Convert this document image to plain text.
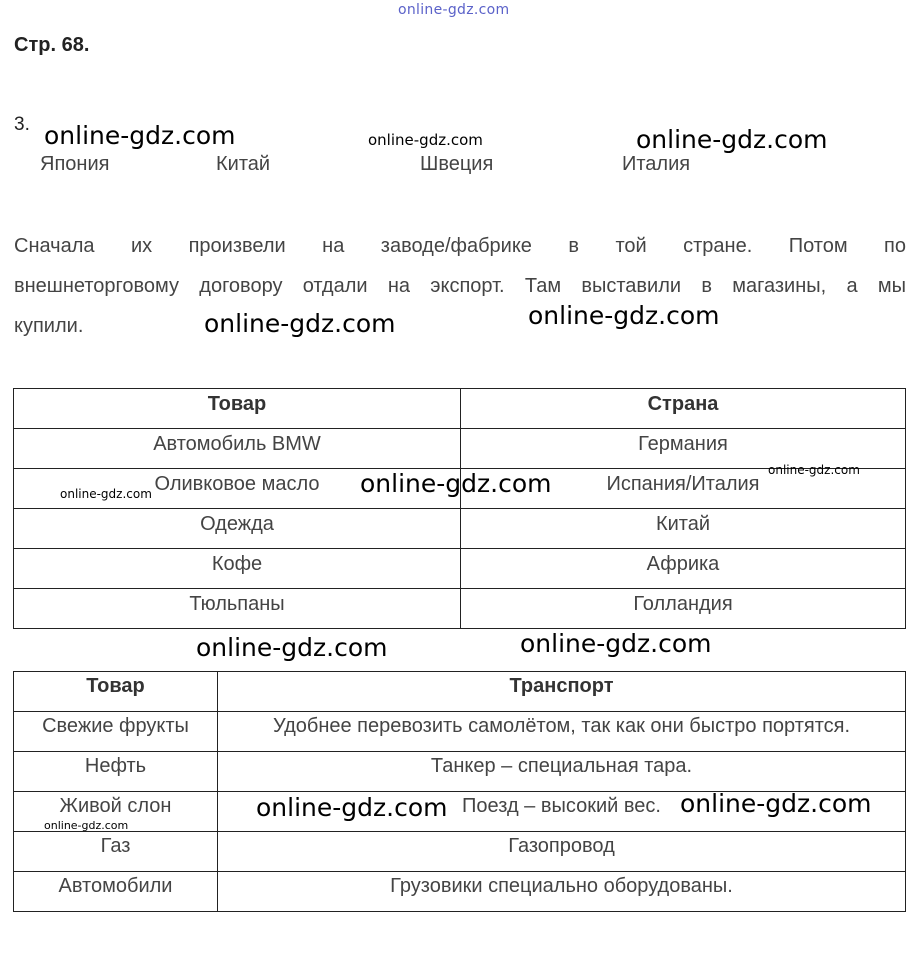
online-gdz.com
Стр. 68.
3.
Япония	Китай	Швеция	Италия
Сначала их произвели на заводе/фабрике в той стране. Потом по
внешнеторговому договору отдали на экспорт. Там выставили в магазины, а мы
купили.
Товар	Страна
Автомобиль BMW	Германия
Оливковое масло	Испания/Италия
Одежда	Китай
Кофе	Африка
Тюльпаны	Голландия
Товар	Транспорт
Свежие фрукты	Удобнее перевозить самолётом, так как они быстро портятся.
Нефть	Танкер – специальная тара.
Живой слон	Поезд – высокий вес.
Газ	Газопровод
Автомобили	Грузовики специально оборудованы.
online-gdz.com	online-gdz.com	online-gdz.com
online-gdz.com	online-gdz.com
online-gdz.com
online-gdz.com
online-gdz.com
online-gdz.com	online-gdz.com
online-gdz.com	online-gdz.com
online-gdz.com
